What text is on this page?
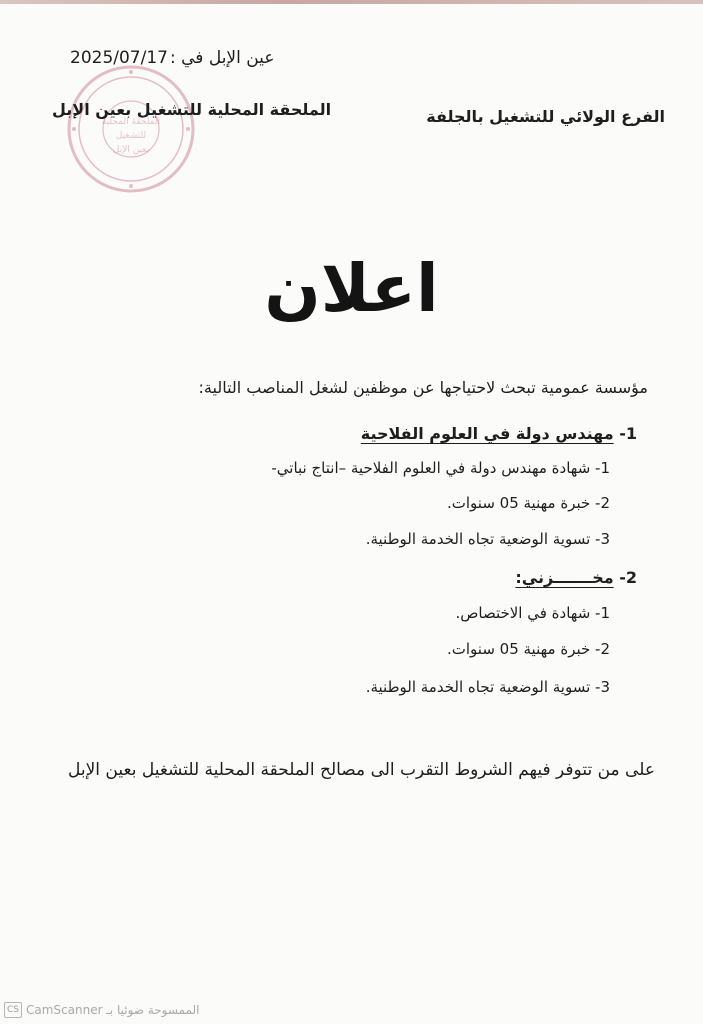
الملحقة المحلية
للتشغيل
بعين الإبل
عين الإبل في :2025/07/17
الملحقة المحلية للتشغيل بعين الإبل	الفرع الولائي للتشغيل بالجلفة
اعلان
مؤسسة عمومية تبحث لاحتياجها عن موظفين لشغل المناصب التالية:
1- مهندس دولة في العلوم الفلاحية
1- شهادة مهندس دولة في العلوم الفلاحية –انتاج نباتي-
2- خبرة مهنية 05 سنوات.
3- تسوية الوضعية تجاه الخدمة الوطنية.
2- مخـــــــزني:
1- شهادة في الاختصاص.
2- خبرة مهنية 05 سنوات.
3- تسوية الوضعية تجاه الخدمة الوطنية.
على من تتوفر فيهم الشروط التقرب الى مصالح الملحقة المحلية للتشغيل بعين الإبل
CS CamScanner الممسوحة ضوئيا بـ
